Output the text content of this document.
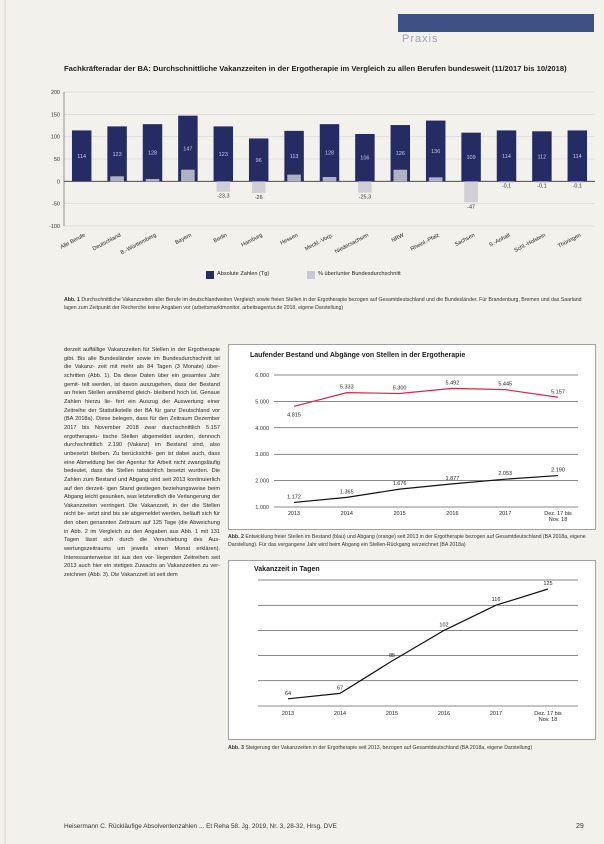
Praxis
Fachkräfteradar der BA: Durchschnittliche Vakanzzeiten in der Ergotherapie im Vergleich zu allen Berufen bundesweit (11/2017 bis 10/2018)
200
150
100
50
0
-50
-100
114	123
11,3
128
5,3
147
26,1
123
-23,3
96
-26
113
15
128
9,7
106
-25,3
126
26
136
9
109
-47
114
-0,1
112
-0,1
114
-0,1
Alle Berufe Deutschland
B.-Württemberg	Bayern	Berlin Hamburg	Hessen Meckl.-Vorp. Niedersachsen	NRW Rheinl.-Pfalz Sachsen S.-Anhalt Schl.-Holstein Thüringen
Absolute Zahlen (Tg)	% über/unter Bundesdurchschnitt
Abb. 1 Durchschnittliche Vakanzzeiten aller Berufe im deutschlandweiten Vergleich sowie freien Stellen in der Ergotherapie bezogen auf Gesamtdeutschland und die Bundesländer. Für Brandenburg, Bremen und das Saarland lagen zum Zeitpunkt der Recherche keine Angaben vor (arbeitsmarktmonitor. arbeitsagentur.de 2018, eigene Darstellung)
derzeit auffällige Vakanzzeiten für Stellen in der Ergotherapie gibt. Bis alle Bundesländer sowie im Bundesdurchschnitt ist die Vakanz- zeit mit mehr als 84 Tagen (3 Monate) über- schritten (Abb. 1). Da diese Daten über ein gesamtes Jahr gemit- telt werden, ist davon auszugehen, dass der Bestand an freien Stellen annähernd gleich- bleibend hoch ist. Genaue Zahlen hierzu lie- fert ein Auszug der Auswertung einer Zeitreihe der Statistikstelle der BA für ganz Deutschland vor (BA 2018a). Diese belegen, dass für den Zeitraum Dezember 2017 bis November 2018 zwar durchschnittlich 5.157 ergotherapeu- tische Stellen abgemeldet wurden, dennoch durchschnittlich 2.190 (Vakanz) im Bestand sind, also unbesetzt bleiben. Zu berücksichti- gen ist dabei auch, dass eine Abmeldung bei der Agentur für Arbeit nicht zwangsläufig bedeutet, dass die Stellen tatsächlich besetzt wurden. Die Zahlen zum Bestand und Abgang sind seit 2013 kontinuierlich auf den derzeit- igen Stand gestiegen beziehungsweise beim Abgang leicht gesunken, was letztendlich die Verlangerung der Vakanzzeiten verringert. Die Vakanzzeit, in der die Stellen nicht be- setzt sind bis sie abgemeldet werden, beläuft sich für den oben genannten Zeitraum auf 125 Tage (die Abweichung in Abb. 2 im Vergleich zu den Angaben aus Abb. 1 mit 131 Tagen lässt sich durch die Verschiebung des Aus- wertungszeitraums um jeweils einen Monat erklären). Interessanterweise ist aus den vor- liegenden Zeitreihen seit 2013 auch hier ein stetiges Zuwachs an Vakanzzeiten zu ver- zeichnen (Abb. 3). Die Vakanzzeit ist seit dem
Laufender Bestand und Abgänge von Stellen in der Ergotherapie
6.000
5.000
4.000
3.000
2.000
1.000
4.815
5.333	5.300
5.492	5.445
5.157
1.172
1.365
1.676
1.877
2.053
2.190
2013	2014	2015	2016	2017	Dez. 17 bis
Nov. 18
Abb. 2 Entwicklung freier Stellen im Bestand (blau) und Abgang (orange) seit 2013 in der Ergotherapie bezogen auf Gesamtdeutschland (BA 2018a, eigene Darstellung). Für das vergangene Jahr wird beim Abgang ein Stellen-Rückgang verzeichnet (BA 2018a)
Vakanzzeit in Tagen
64
67
85
102
116
125
2013	2014	2015	2016	2017	Dez. 17 bis
Nov. 18
Abb. 3 Steigerung der Vakanzzeiten in der Ergotherapie seit 2013, bezogen auf Gesamtdeutschland (BA 2018a, eigene Darstellung)
Heisermann C. Rückläufige Absolventenzahlen ... Et Reha 58. Jg. 2019, Nr. 3, 28-32, Hrsg. DVE	29
